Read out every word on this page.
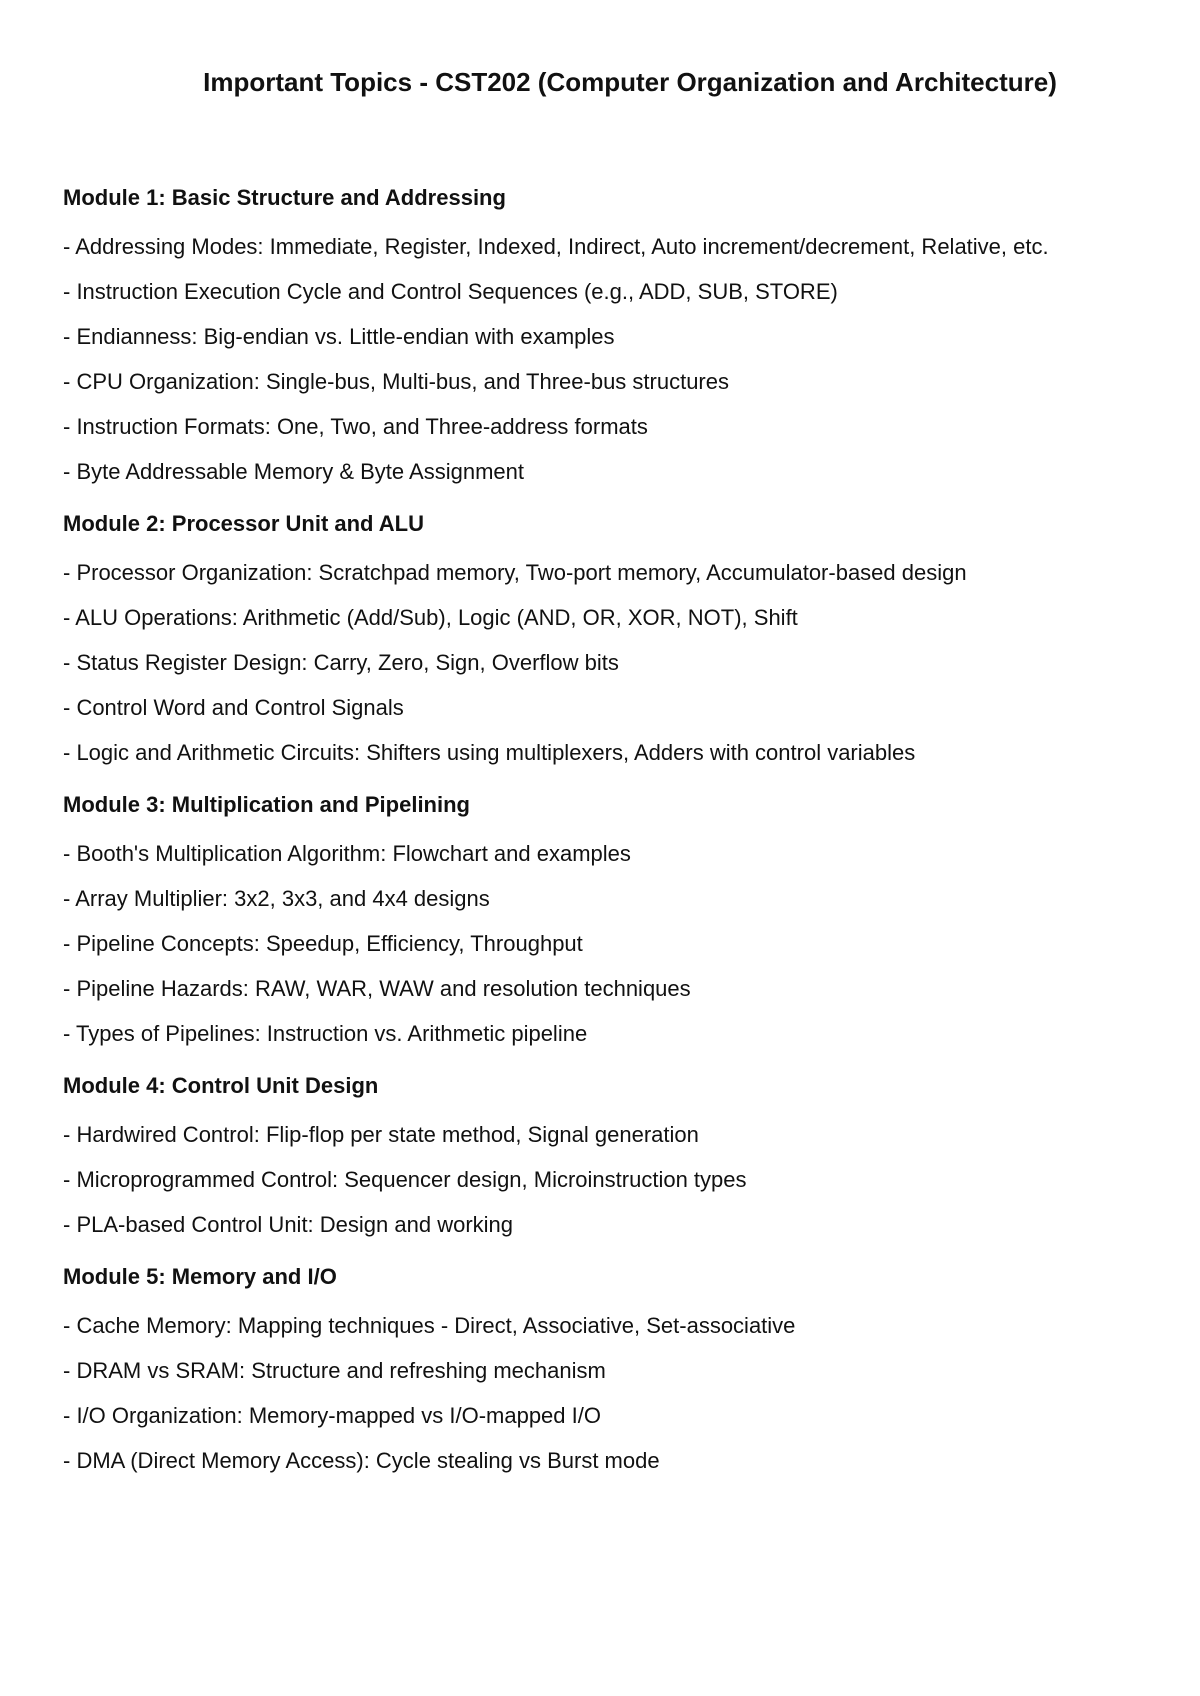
Important Topics - CST202 (Computer Organization and Architecture)
Module 1: Basic Structure and Addressing
- Addressing Modes: Immediate, Register, Indexed, Indirect, Auto increment/decrement, Relative, etc.
- Instruction Execution Cycle and Control Sequences (e.g., ADD, SUB, STORE)
- Endianness: Big-endian vs. Little-endian with examples
- CPU Organization: Single-bus, Multi-bus, and Three-bus structures
- Instruction Formats: One, Two, and Three-address formats
- Byte Addressable Memory & Byte Assignment
Module 2: Processor Unit and ALU
- Processor Organization: Scratchpad memory, Two-port memory, Accumulator-based design
- ALU Operations: Arithmetic (Add/Sub), Logic (AND, OR, XOR, NOT), Shift
- Status Register Design: Carry, Zero, Sign, Overflow bits
- Control Word and Control Signals
- Logic and Arithmetic Circuits: Shifters using multiplexers, Adders with control variables
Module 3: Multiplication and Pipelining
- Booth's Multiplication Algorithm: Flowchart and examples
- Array Multiplier: 3x2, 3x3, and 4x4 designs
- Pipeline Concepts: Speedup, Efficiency, Throughput
- Pipeline Hazards: RAW, WAR, WAW and resolution techniques
- Types of Pipelines: Instruction vs. Arithmetic pipeline
Module 4: Control Unit Design
- Hardwired Control: Flip-flop per state method, Signal generation
- Microprogrammed Control: Sequencer design, Microinstruction types
- PLA-based Control Unit: Design and working
Module 5: Memory and I/O
- Cache Memory: Mapping techniques - Direct, Associative, Set-associative
- DRAM vs SRAM: Structure and refreshing mechanism
- I/O Organization: Memory-mapped vs I/O-mapped I/O
- DMA (Direct Memory Access): Cycle stealing vs Burst mode
